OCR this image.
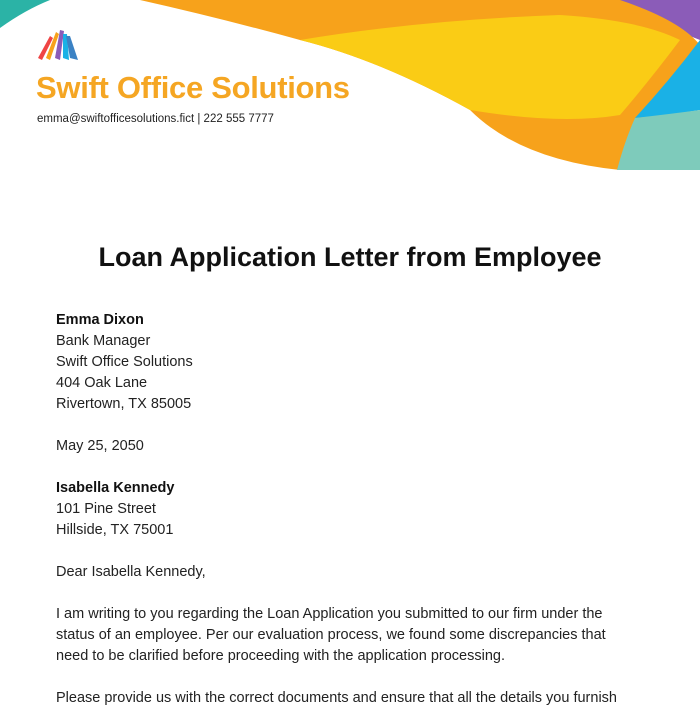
Swift Office Solutions
emma@swiftofficesolutions.fict | 222 555 7777
Loan Application Letter from Employee
Emma Dixon
Bank Manager
Swift Office Solutions
404 Oak Lane
Rivertown, TX 85005
May 25, 2050
Isabella Kennedy
101 Pine Street
Hillside, TX 75001
Dear Isabella Kennedy,
I am writing to you regarding the Loan Application you submitted to our firm under the
status of an employee. Per our evaluation process, we found some discrepancies that
need to be clarified before proceeding with the application processing.
Please provide us with the correct documents and ensure that all the details you furnish
